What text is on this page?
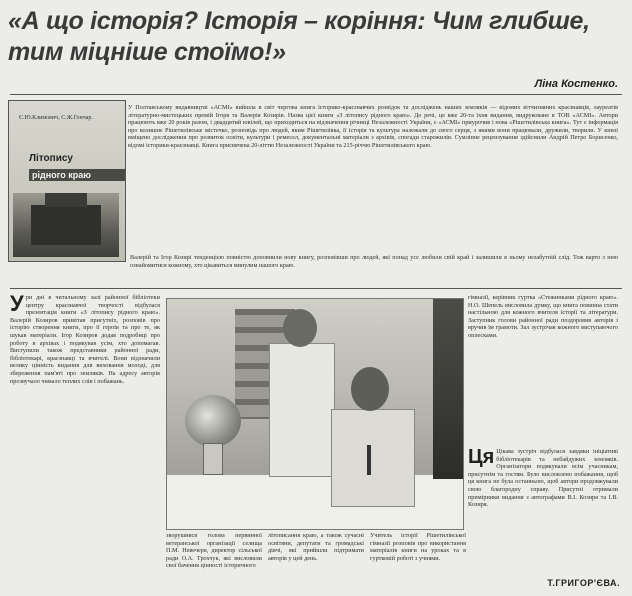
«А що історія? Історія – коріння: Чим глибше, тим міцніше стоїмо!»
Ліна Костенко.
Є.Ю.Климович, С.Ж.Гончар.
Літопису
рідного краю
У Полтавському видавництві «АСМІ» вийшла в світ чергова книга історико-краєзнавчих розвідок та досліджень наших земляків — відомих вітчизняних краєзнавців, лауреатів літературно-мистецьких премій Ігоря та Валерія Козирів. Назва цієї книги «З літопису рідного краю». До речі, це вже 20-та їхня видання, видруковане в ТОВ «АСМІ». Автори працюють вже 20 років разом, і двадцятий ювілей, що приходиться на відзначення річниці Незалежності України, є «АСМІ» приурочив і нова «Рішетилівська книга». Тут є інформація про колишнє Рішетилівське містечко, розповідь про людей, яким Рішетилівка, її історія та культура належали до свого серця, з якими вони працювали, дружили, творили. У книзі вміщено дослідження про розвиток освіти, культури і ремесел, документальні матеріали з архівів, спогади старожилів. Сумлінне рецензування здійснили Андрій Петро Борисенко, відомі історики-краєзнавці. Книга присвячена 20-літтю Незалежності України та 215-річчю Рішетилівського краю.
Валерій та Ігор Козирі тенденцією повністю доповнили нову книгу, розповівши про людей, які понад усе любили свій край і залишили в ньому незабутній слід. Тож варто з нею ознайомитися кожному, хто цікавиться минулим нашого краю.
Ури дні в читальному залі районної бібліотеки центру краєзнавчої творчості відбулася презентація книги «З літопису рідного краю». Валерій Козиров привітав присутніх, розповів про історію створення книги, про її героїв та про те, як шукав матеріали. Ігор Козиров додав подробиці про роботу в архівах і подякував усім, хто допомагав. Виступили також представники районної ради, бібліотекарі, краєзнавці та вчителі. Вони відзначили велику цінність видання для виховання молоді, для збереження пам'яті про земляків. На адресу авторів прозвучало чимало теплих слів і побажань.
гімназії, керівник гуртка «Стежинками рідного краю». Н.О. Шепель висловила думку, що книга повинна стати настільною для кожного вчителя історії та літератури. Заступник голови районної ради поздоровив авторів і вручив їм грамоти. Зал зустрічав кожного виступаючого оплесками.
Ця Цікава зустріч відбулася завдяки ініціативі бібліотекарів та небайдужих земляків. Організатори подякували всім учасникам, присутнім та гостям. Було висловлено побажання, щоб ця книга не була останньою, щоб автори продовжували свою благородну справу. Присутні отримали примірники видання з автографами В.І. Козиря та І.В. Козиря.
зворушився голова первинної ветеранської організації селища П.М. Невечеря, директор сільської ради О.А. Трохчук, які висловили свої бачення цінності історичного
літописання краю, а також сучасні освітяни, депутати та громадські діячі, які прийшли підтримати авторів у цей день.
Учитель історії Рішетилівської гімназії розповів про використання матеріалів книги на уроках та в гуртковій роботі з учнями.
Т.ГРИГОР'ЄВА.
